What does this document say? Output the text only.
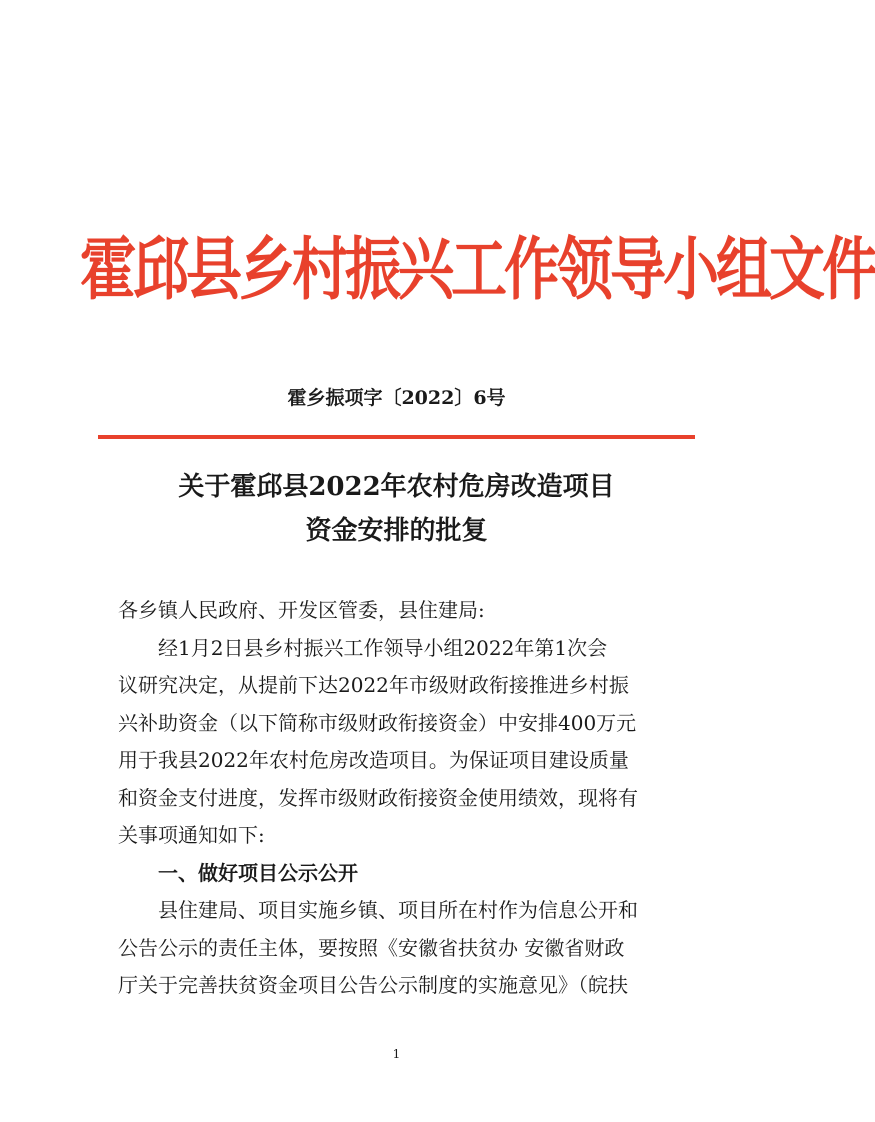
霍邱县乡村振兴工作领导小组文件
霍乡振项字〔2022〕6号
关于霍邱县2022年农村危房改造项目
资金安排的批复
各乡镇人民政府、开发区管委，县住建局:
经1月2日县乡村振兴工作领导小组2022年第1次会
议研究决定，从提前下达2022年市级财政衔接推进乡村振
兴补助资金（以下简称市级财政衔接资金）中安排400万元
用于我县2022年农村危房改造项目。为保证项目建设质量
和资金支付进度，发挥市级财政衔接资金使用绩效，现将有
关事项通知如下:
一、做好项目公示公开
县住建局、项目实施乡镇、项目所在村作为信息公开和
公告公示的责任主体，要按照《安徽省扶贫办 安徽省财政
厅关于完善扶贫资金项目公告公示制度的实施意见》（皖扶
1
